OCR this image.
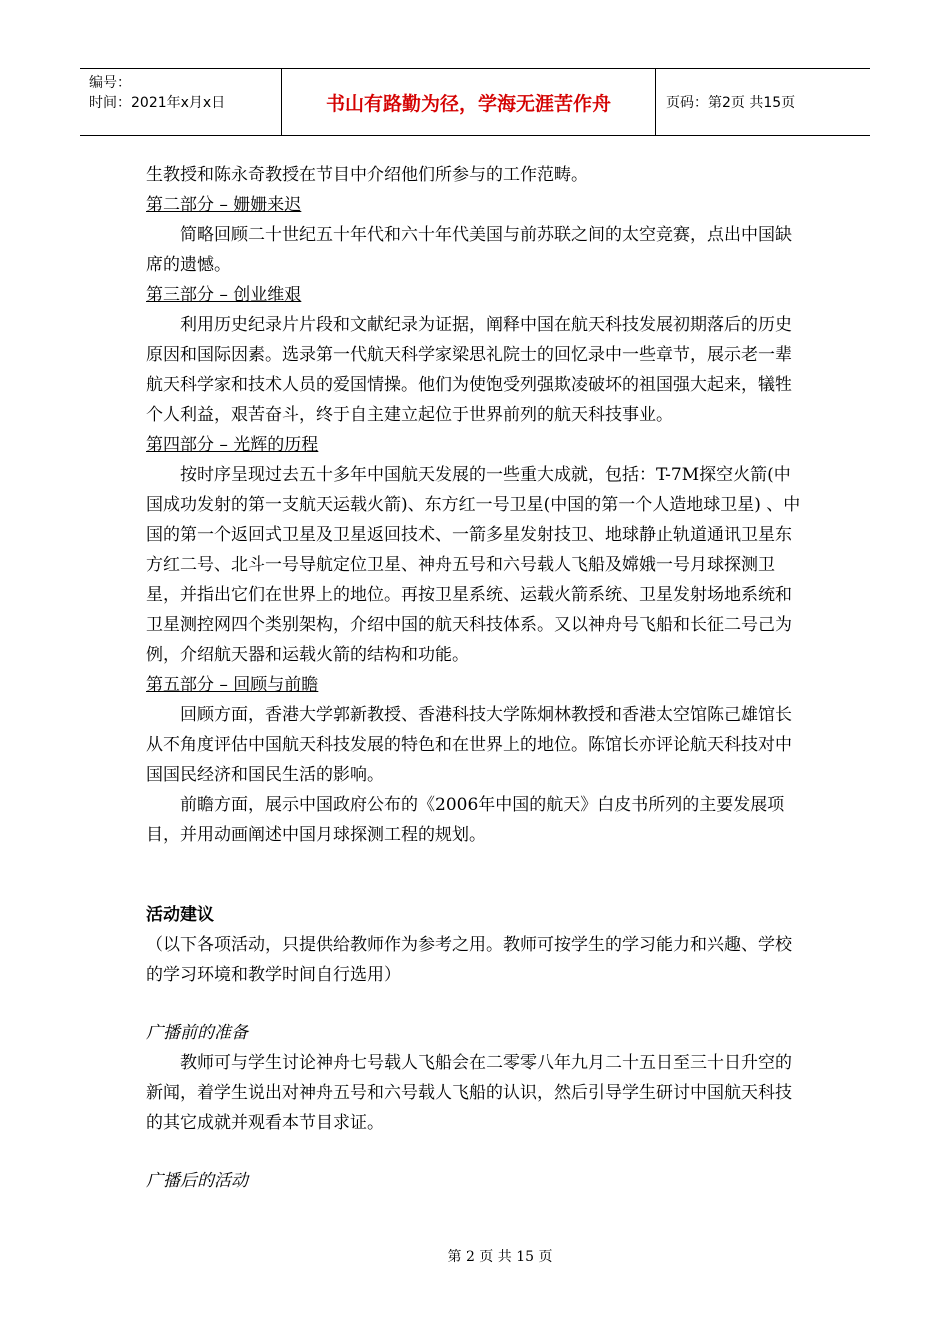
编号：
时间：2021年x月x日	书山有路勤为径，学海无涯苦作舟	页码：第2页 共15页

生教授和陈永奇教授在节目中介绍他们所参与的工作范畴。

第二部分 – 姗姗来迟

简略回顾二十世纪五十年代和六十年代美国与前苏联之间的太空竞赛，点出中国缺席的遗憾。

第三部分 – 创业维艰

利用历史纪录片片段和文献纪录为证据，阐释中国在航天科技发展初期落后的历史原因和国际因素。选录第一代航天科学家梁思礼院士的回忆录中一些章节，展示老一辈航天科学家和技术人员的爱国情操。他们为使饱受列强欺凌破坏的祖国强大起来，犠牲个人利益，艰苦奋斗，终于自主建立起位于世界前列的航天科技事业。

第四部分 – 光辉的历程

按时序呈现过去五十多年中国航天发展的一些重大成就，包括：T-7M探空火箭(中国成功发射的第一支航天运载火箭)、东方红一号卫星(中国的第一个人造地球卫星) 、中国的第一个返回式卫星及卫星返回技术、一箭多星发射技卫、地球静止轨道通讯卫星东方红二号、北斗一号导航定位卫星、神舟五号和六号载人飞船及嫦娥一号月球探测卫星，并指出它们在世界上的地位。再按卫星系统、运载火箭系统、卫星发射场地系统和卫星测控网四个类别架构，介绍中国的航天科技体系。又以神舟号飞船和长征二号己为例，介绍航天器和运载火箭的结构和功能。

第五部分 – 回顾与前瞻

回顾方面，香港大学郭新教授、香港科技大学陈炯林教授和香港太空馆陈己雄馆长从不角度评估中国航天科技发展的特色和在世界上的地位。陈馆长亦评论航天科技对中国国民经济和国民生活的影响。

前瞻方面，展示中国政府公布的《2006年中国的航天》白皮书所列的主要发展项目，并用动画阐述中国月球探测工程的规划。

活动建议

（以下各项活动，只提供给教师作为参考之用。教师可按学生的学习能力和兴趣、学校的学习环境和教学时间自行选用）

广播前的准备

教师可与学生讨论神舟七号载人飞船会在二零零八年九月二十五日至三十日升空的新闻，着学生说出对神舟五号和六号载人飞船的认识，然后引导学生研讨中国航天科技的其它成就并观看本节目求证。

广播后的活动

第 2 页 共 15 页
